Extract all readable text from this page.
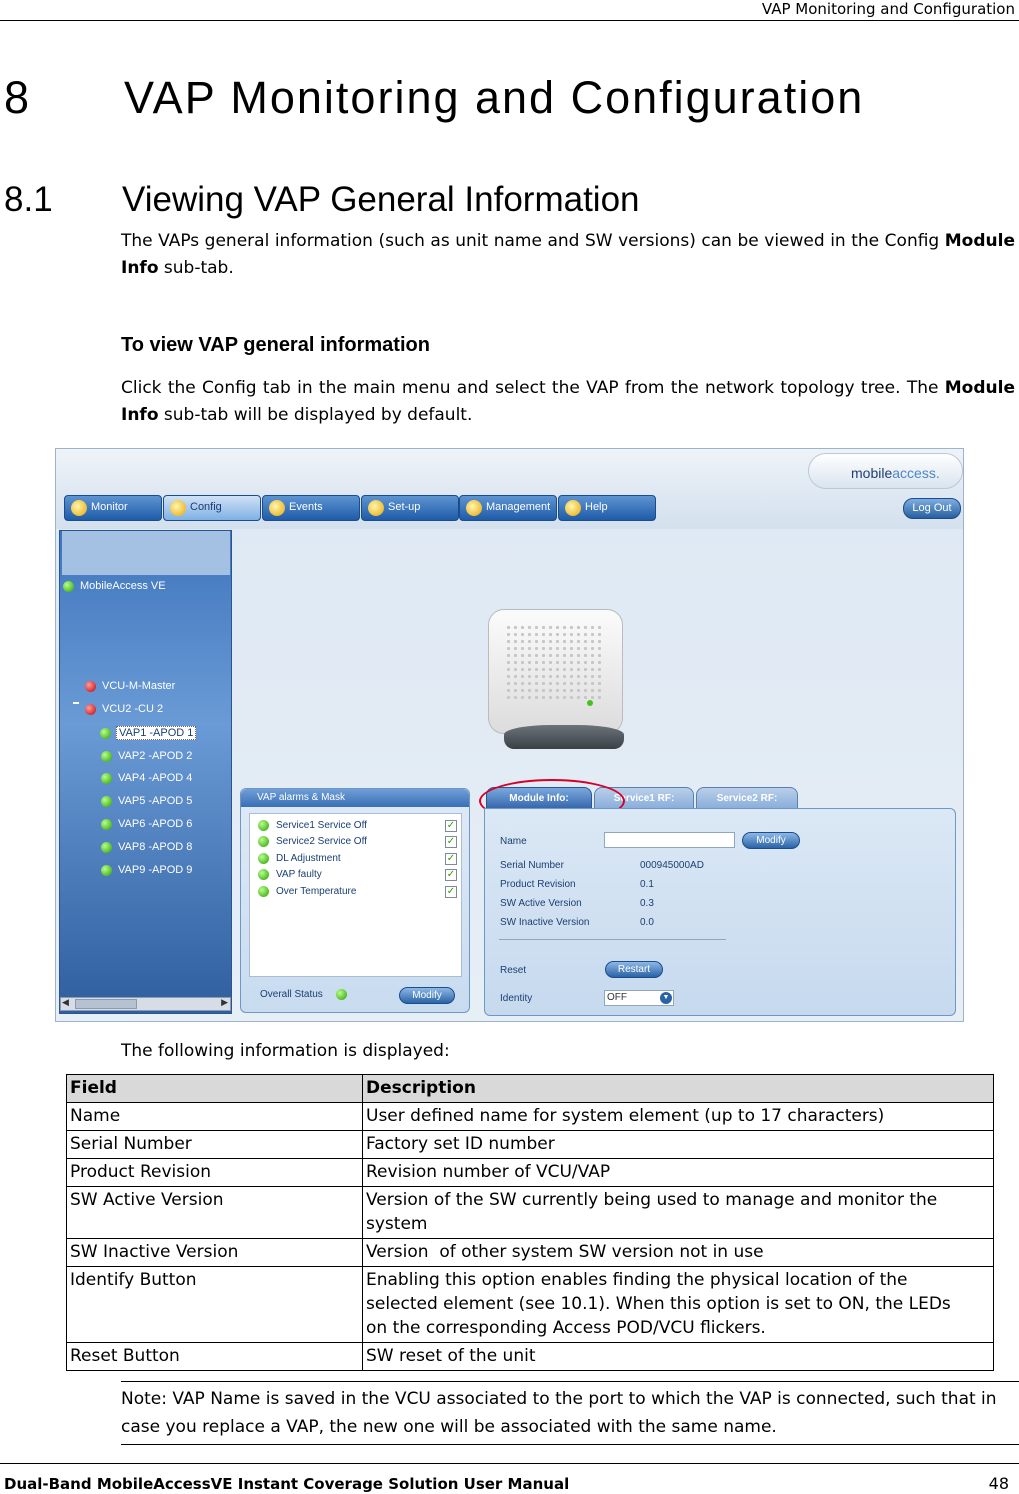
VAP Monitoring and Configuration
8 VAP Monitoring and Configuration
8.1 Viewing VAP General Information
The VAPs general information (such as unit name and SW versions) can be viewed in the Config Module Info sub-tab.
To view VAP general information
Click the Config tab in the main menu and select the VAP from the network topology tree. The Module Info sub-tab will be displayed by default.
mobileaccess.
Monitor	Config	Events	Set-up	Management	Help	Log Out
MobileAccess VE
VCU-M-Master
VCU2 -CU 2
VAP1 -APOD 1
VAP2 -APOD 2
VAP4 -APOD 4
VAP5 -APOD 5
VAP6 -APOD 6
VAP8 -APOD 8
VAP9 -APOD 9
◀	▶
VAP alarms & Mask
Service1 Service Off	✓
Service2 Service Off	✓
DL Adjustment	✓
VAP faulty	✓
Over Temperature	✓
Overall Status	Modify
Module Info:	Service1 RF:	Service2 RF:
Name	Modify
Serial Number	000945000AD
Product Revision	0.1
SW Active Version	0.3
SW Inactive Version	0.0
Reset	Restart
Identity	OFF	▼
The following information is displayed:
Field	Description
Name	User defined name for system element (up to 17 characters)
Serial Number	Factory set ID number
Product Revision	Revision number of VCU/VAP
SW Active Version	Version of the SW currently being used to manage and monitor the system
SW Inactive Version	Version  of other system SW version not in use
Identify Button	Enabling this option enables finding the physical location of the selected element (see 10.1). When this option is set to ON, the LEDs on the corresponding Access POD/VCU flickers.
Reset Button	SW reset of the unit
Note: VAP Name is saved in the VCU associated to the port to which the VAP is connected, such that in case you replace a VAP, the new one will be associated with the same name.
Dual-Band MobileAccessVE Instant Coverage Solution User Manual	48
